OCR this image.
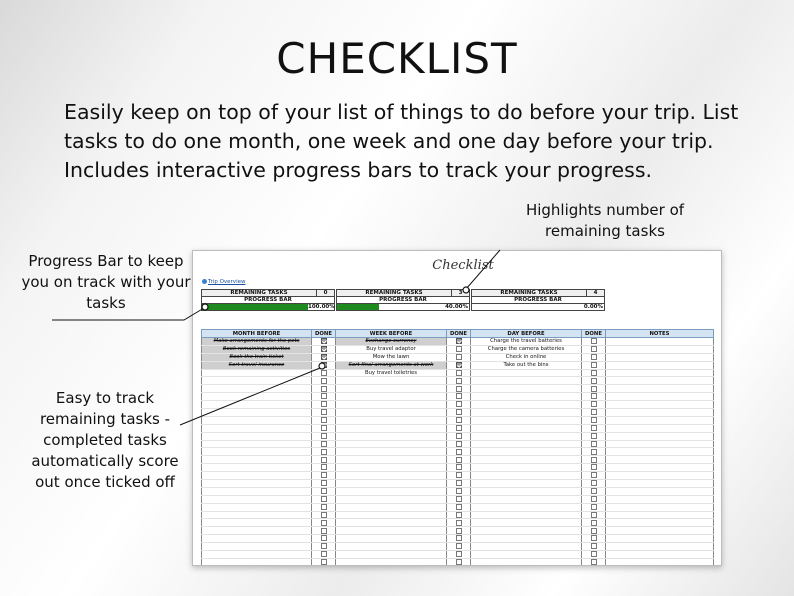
CHECKLIST

Easily keep on top of your list of things to do before your trip. List tasks to do one month, one week and one day before your trip. Includes interactive progress bars to track your progress.

Highlights number of remaining tasks
Progress Bar to keep you on track with your tasks
Easy to track remaining tasks - completed tasks automatically score out once ticked off
Checklist
Trip Overview
REMAINING TASKS	0
PROGRESS BAR
100.00%
REMAINING TASKS	3
PROGRESS BAR
40.00%
REMAINING TASKS	4
PROGRESS BAR
0.00%
MONTH BEFORE	DONE	WEEK BEFORE	DONE	DAY BEFORE	DONE	NOTES
Make arrangements for the pets		Exchange currency		Charge the travel batteries		
Book remaining activities		Buy travel adaptor		Charge the camera batteries		
Book the train ticket		Mow the lawn		Check in online		
Sort travel insurance		Sort final arrangements at work		Take out the bins		
		Buy travel toiletries				
